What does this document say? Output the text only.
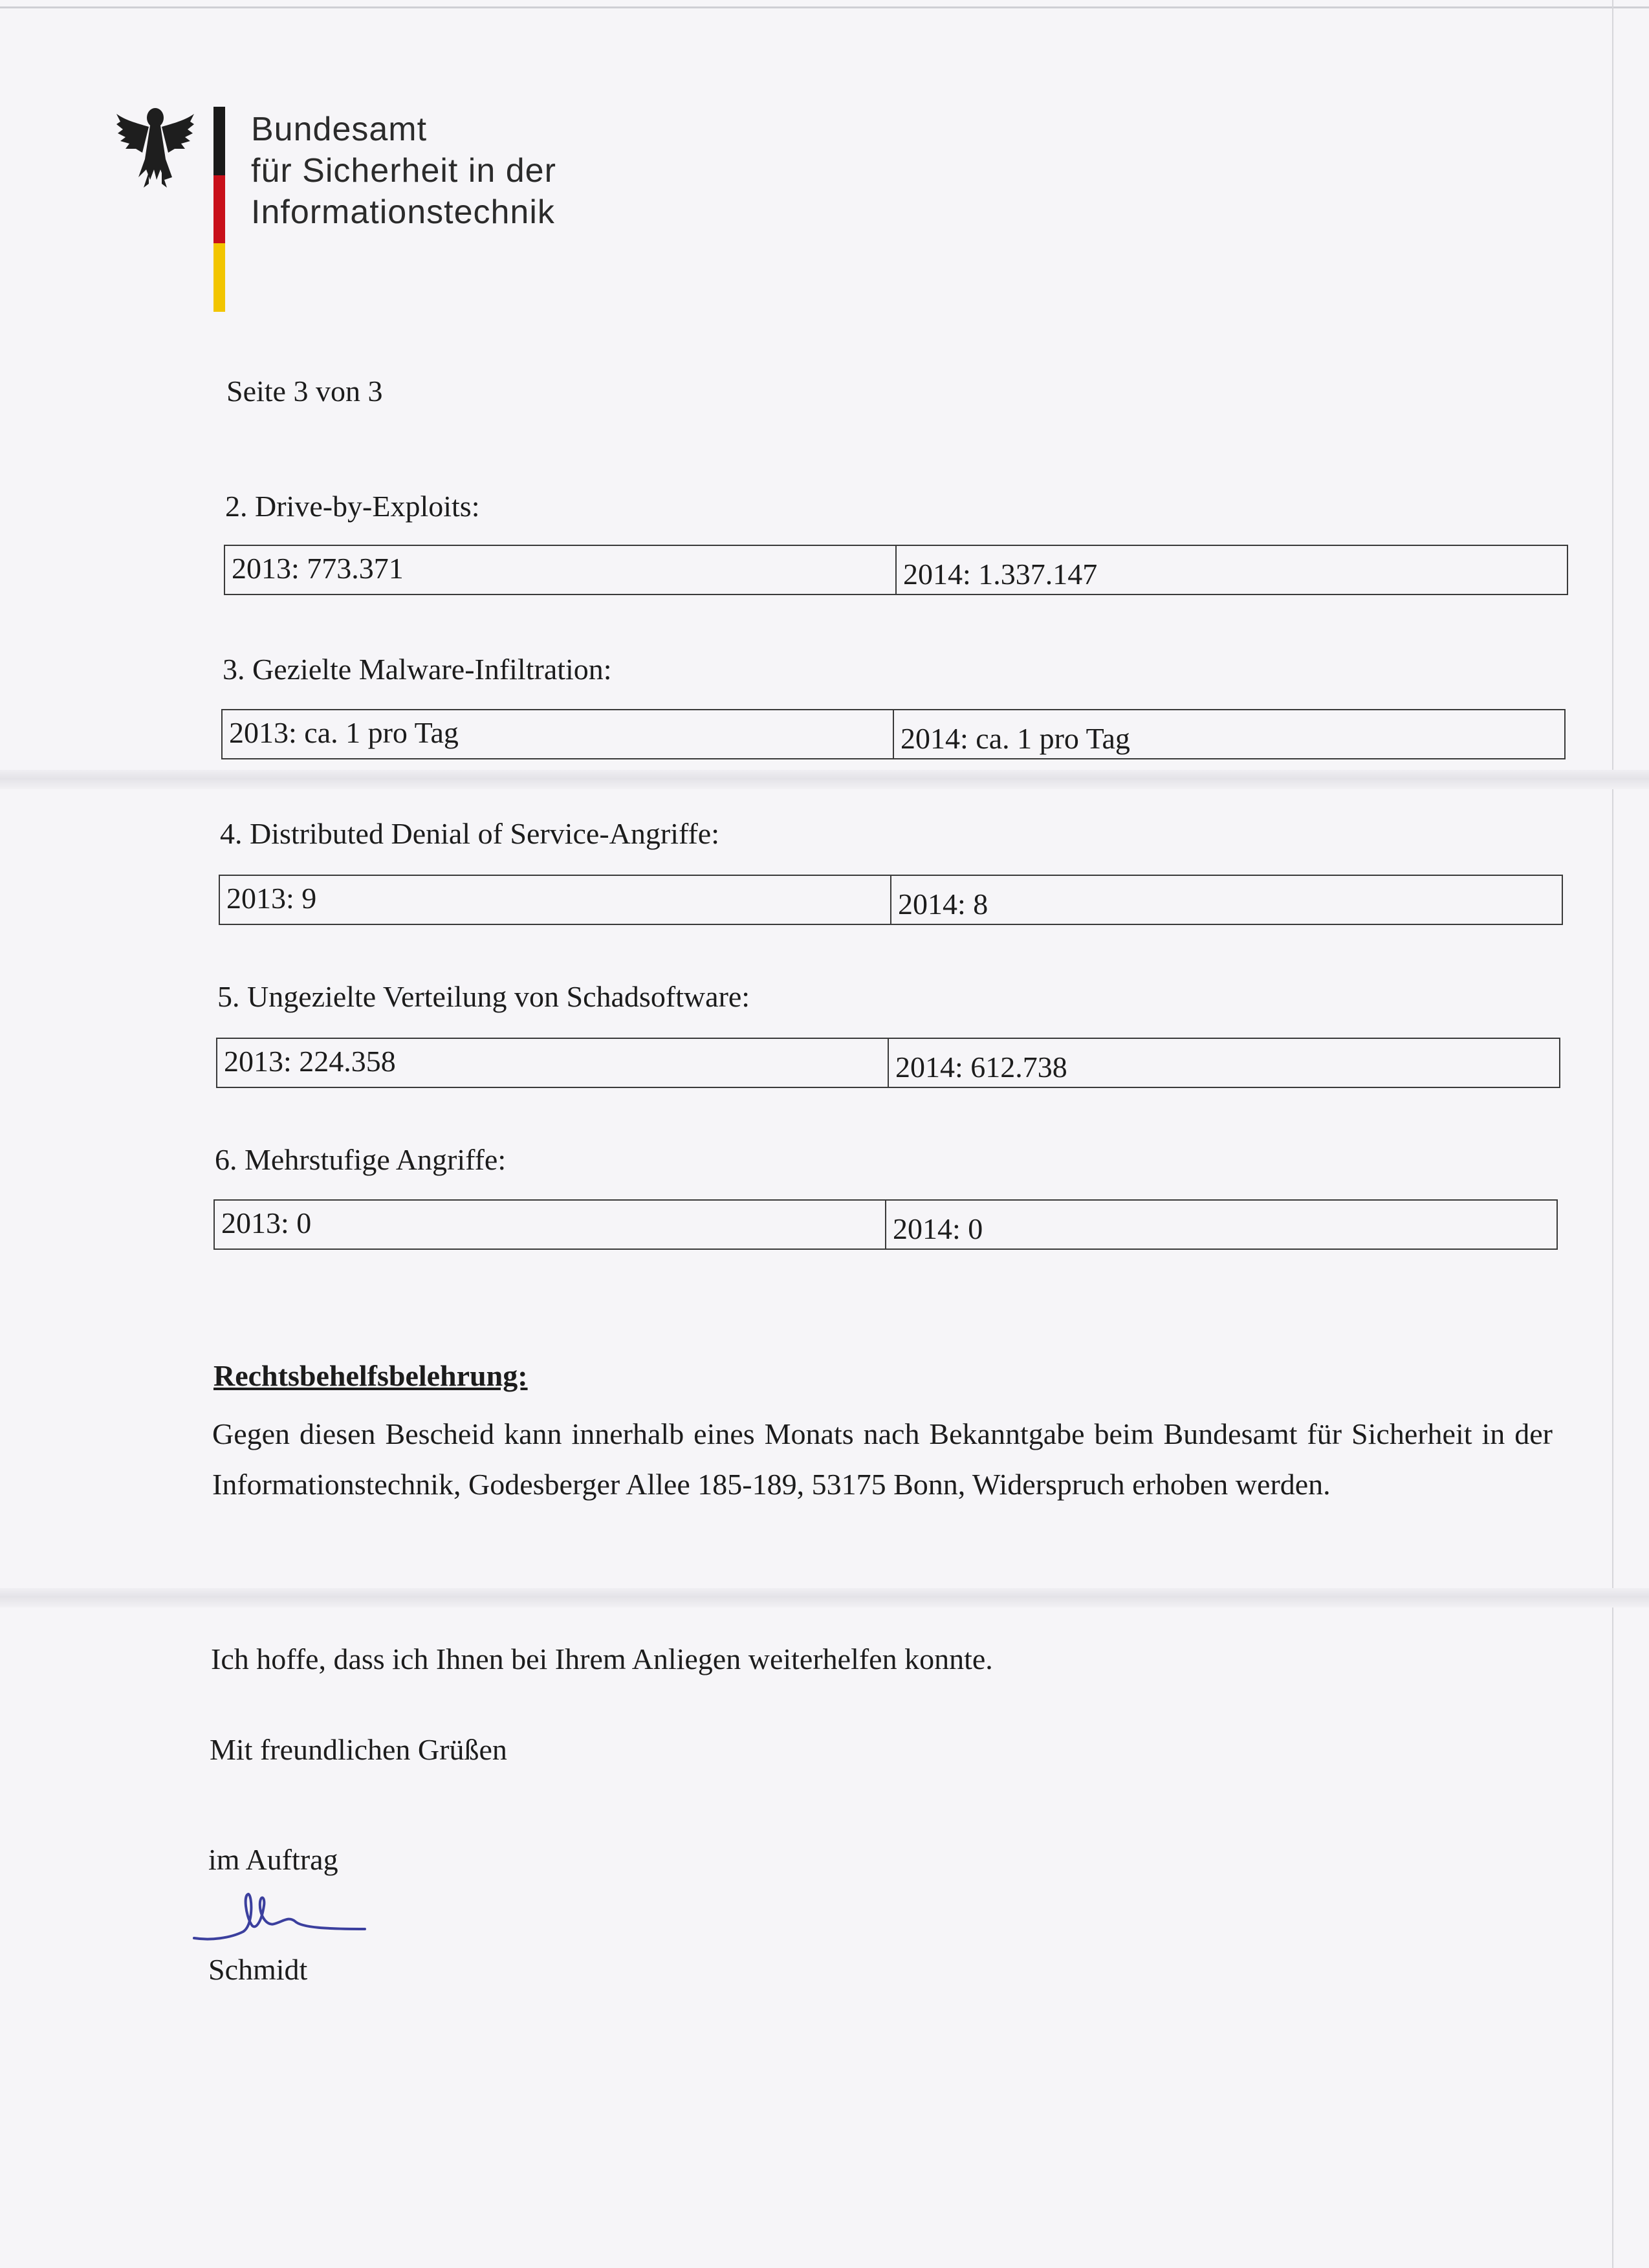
Bundesamt
für Sicherheit in der
Informationstechnik
Seite 3 von 3
2. Drive-by-Exploits:
2013: 773.371	2014: 1.337.147
3. Gezielte Malware-Infiltration:
2013: ca. 1 pro Tag	2014: ca. 1 pro Tag
4. Distributed Denial of Service-Angriffe:
2013: 9	2014: 8
5. Ungezielte Verteilung von Schadsoftware:
2013: 224.358	2014: 612.738
6. Mehrstufige Angriffe:
2013: 0	2014: 0
Rechtsbehelfsbelehrung:
Gegen diesen Bescheid kann innerhalb eines Monats nach Bekanntgabe beim Bundesamt für Sicherheit in der Informationstechnik, Godesberger Allee 185-189, 53175 Bonn, Widerspruch erhoben werden.
Ich hoffe, dass ich Ihnen bei Ihrem Anliegen weiterhelfen konnte.
Mit freundlichen Grüßen
im Auftrag
Schmidt
